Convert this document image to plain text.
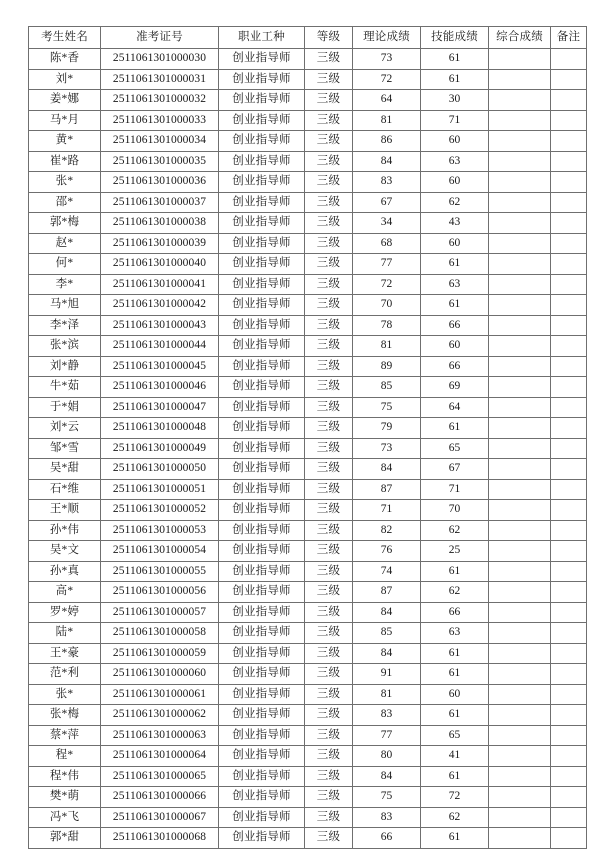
考生姓名	准考证号	职业工种	等级	理论成绩	技能成绩	综合成绩	备注
陈*香	2511061301000030	创业指导师	三级	73	61		
刘*	2511061301000031	创业指导师	三级	72	61		
姜*娜	2511061301000032	创业指导师	三级	64	30		
马*月	2511061301000033	创业指导师	三级	81	71		
黄*	2511061301000034	创业指导师	三级	86	60		
崔*路	2511061301000035	创业指导师	三级	84	63		
张*	2511061301000036	创业指导师	三级	83	60		
邵*	2511061301000037	创业指导师	三级	67	62		
郭*梅	2511061301000038	创业指导师	三级	34	43		
赵*	2511061301000039	创业指导师	三级	68	60		
何*	2511061301000040	创业指导师	三级	77	61		
李*	2511061301000041	创业指导师	三级	72	63		
马*旭	2511061301000042	创业指导师	三级	70	61		
李*泽	2511061301000043	创业指导师	三级	78	66		
张*滨	2511061301000044	创业指导师	三级	81	60		
刘*静	2511061301000045	创业指导师	三级	89	66		
牛*茹	2511061301000046	创业指导师	三级	85	69		
于*娟	2511061301000047	创业指导师	三级	75	64		
刘*云	2511061301000048	创业指导师	三级	79	61		
邹*雪	2511061301000049	创业指导师	三级	73	65		
吴*甜	2511061301000050	创业指导师	三级	84	67		
石*维	2511061301000051	创业指导师	三级	87	71		
王*顺	2511061301000052	创业指导师	三级	71	70		
孙*伟	2511061301000053	创业指导师	三级	82	62		
吴*文	2511061301000054	创业指导师	三级	76	25		
孙*真	2511061301000055	创业指导师	三级	74	61		
高*	2511061301000056	创业指导师	三级	87	62		
罗*婷	2511061301000057	创业指导师	三级	84	66		
陆*	2511061301000058	创业指导师	三级	85	63		
王*豪	2511061301000059	创业指导师	三级	84	61		
范*利	2511061301000060	创业指导师	三级	91	61		
张*	2511061301000061	创业指导师	三级	81	60		
张*梅	2511061301000062	创业指导师	三级	83	61		
蔡*萍	2511061301000063	创业指导师	三级	77	65		
程*	2511061301000064	创业指导师	三级	80	41		
程*伟	2511061301000065	创业指导师	三级	84	61		
樊*萌	2511061301000066	创业指导师	三级	75	72		
冯*飞	2511061301000067	创业指导师	三级	83	62		
郭*甜	2511061301000068	创业指导师	三级	66	61		
